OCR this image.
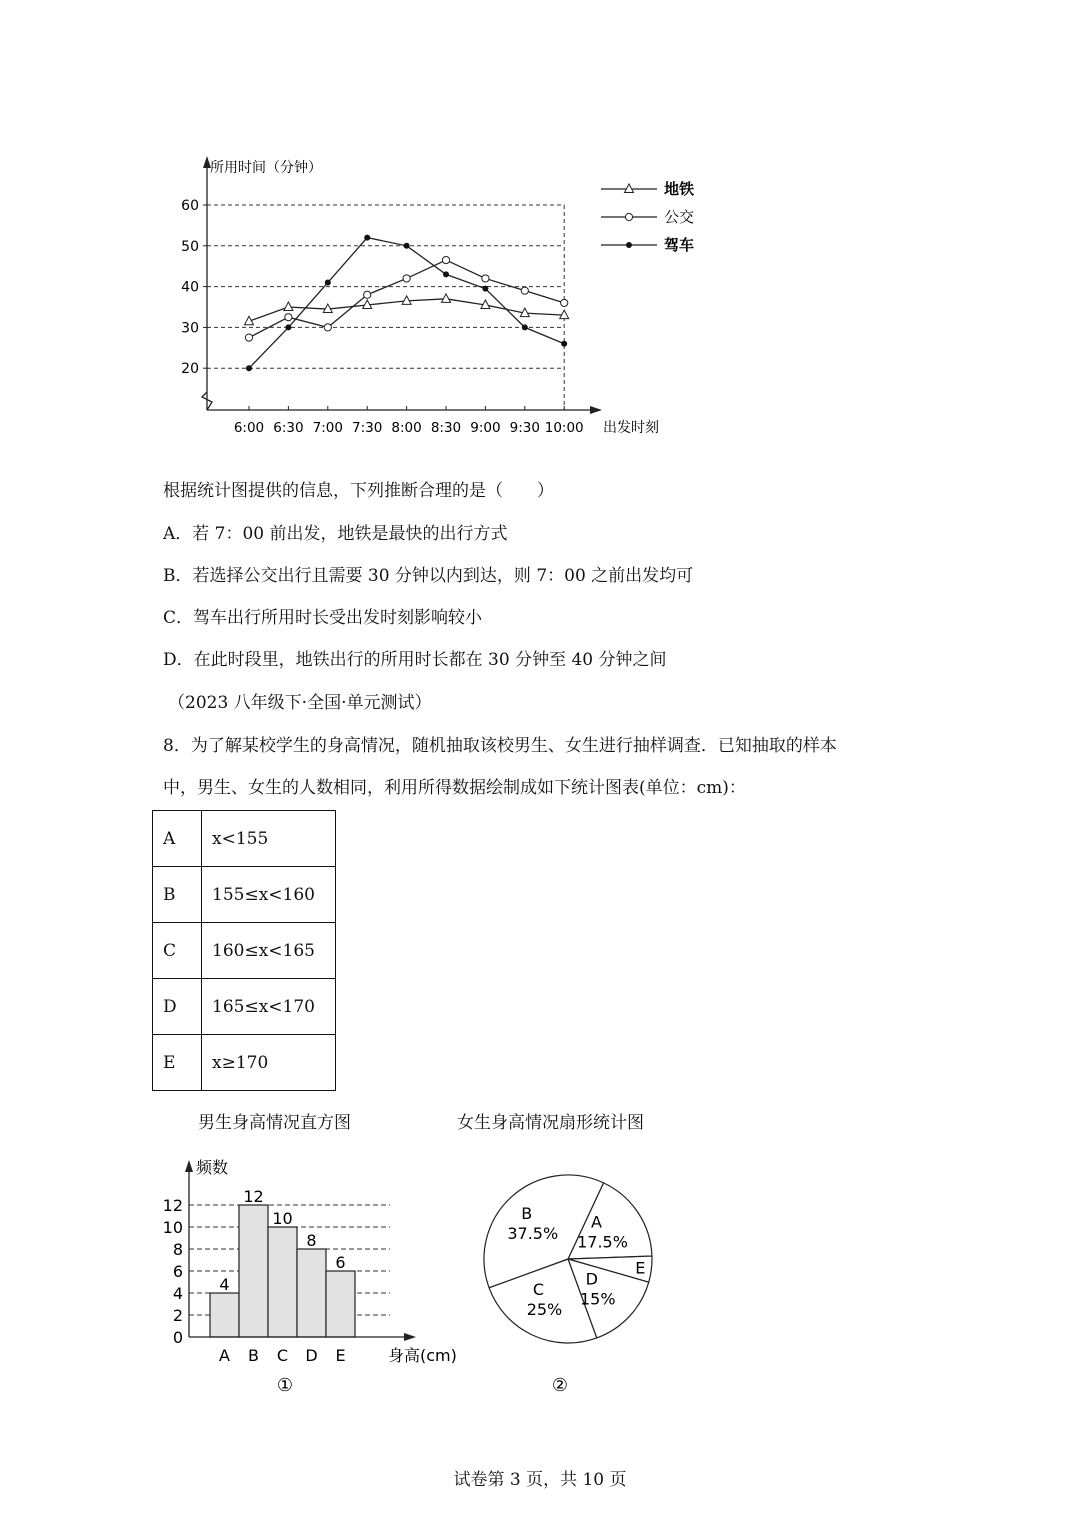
20
30
40
50
60
6:00 6:30 7:00 7:30 8:00 8:30 9:00 9:30 10:00
所用时间（分钟）
出发时刻
地铁
公交
驾车
根据统计图提供的信息，下列推断合理的是（　　）
A．若 7：00 前出发，地铁是最快的出行方式
B．若选择公交出行且需要 30 分钟以内到达，则 7：00 之前出发均可
C．驾车出行所用时长受出发时刻影响较小
D．在此时段里，地铁出行的所用时长都在 30 分钟至 40 分钟之间
（2023 八年级下·全国·单元测试）
8．为了解某校学生的身高情况，随机抽取该校男生、女生进行抽样调查．已知抽取的样本
中，男生、女生的人数相同，利用所得数据绘制成如下统计图表(单位：cm)：
A	x<155
B	155≤x<160
C	160≤x<165
D	165≤x<170
E	x≥170
男生身高情况直方图	女生身高情况扇形统计图
0
2
4
6
8
10
12
4
A
12
B
10
C
8
D
6
E
频数
身高(cm)
①
A
17.5%
E
D
15%
C
25%
B
37.5%
②
试卷第 3 页，共 10 页
